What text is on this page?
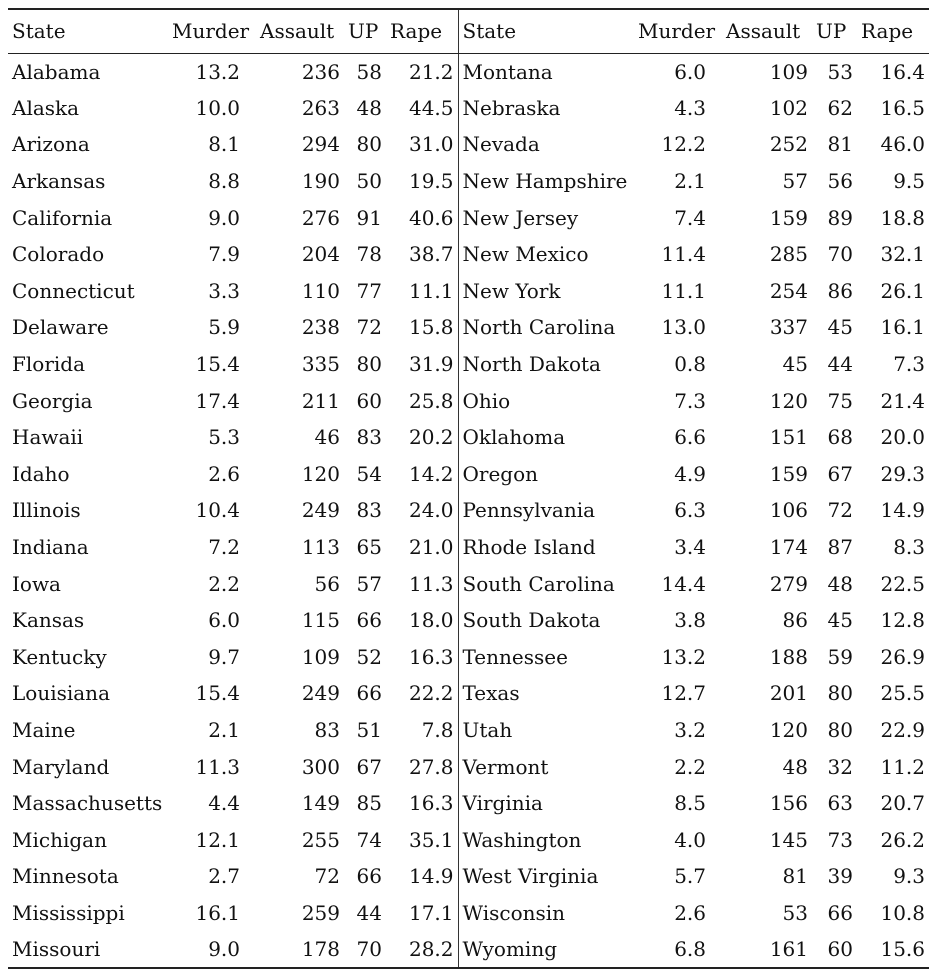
State	Murder	Assault	UP	Rape	State	Murder	Assault	UP	Rape
Alabama	13.2	236	58	21.2	Montana	6.0	109	53	16.4
Alaska	10.0	263	48	44.5	Nebraska	4.3	102	62	16.5
Arizona	8.1	294	80	31.0	Nevada	12.2	252	81	46.0
Arkansas	8.8	190	50	19.5	New Hampshire	2.1	57	56	9.5
California	9.0	276	91	40.6	New Jersey	7.4	159	89	18.8
Colorado	7.9	204	78	38.7	New Mexico	11.4	285	70	32.1
Connecticut	3.3	110	77	11.1	New York	11.1	254	86	26.1
Delaware	5.9	238	72	15.8	North Carolina	13.0	337	45	16.1
Florida	15.4	335	80	31.9	North Dakota	0.8	45	44	7.3
Georgia	17.4	211	60	25.8	Ohio	7.3	120	75	21.4
Hawaii	5.3	46	83	20.2	Oklahoma	6.6	151	68	20.0
Idaho	2.6	120	54	14.2	Oregon	4.9	159	67	29.3
Illinois	10.4	249	83	24.0	Pennsylvania	6.3	106	72	14.9
Indiana	7.2	113	65	21.0	Rhode Island	3.4	174	87	8.3
Iowa	2.2	56	57	11.3	South Carolina	14.4	279	48	22.5
Kansas	6.0	115	66	18.0	South Dakota	3.8	86	45	12.8
Kentucky	9.7	109	52	16.3	Tennessee	13.2	188	59	26.9
Louisiana	15.4	249	66	22.2	Texas	12.7	201	80	25.5
Maine	2.1	83	51	7.8	Utah	3.2	120	80	22.9
Maryland	11.3	300	67	27.8	Vermont	2.2	48	32	11.2
Massachusetts	4.4	149	85	16.3	Virginia	8.5	156	63	20.7
Michigan	12.1	255	74	35.1	Washington	4.0	145	73	26.2
Minnesota	2.7	72	66	14.9	West Virginia	5.7	81	39	9.3
Mississippi	16.1	259	44	17.1	Wisconsin	2.6	53	66	10.8
Missouri	9.0	178	70	28.2	Wyoming	6.8	161	60	15.6
